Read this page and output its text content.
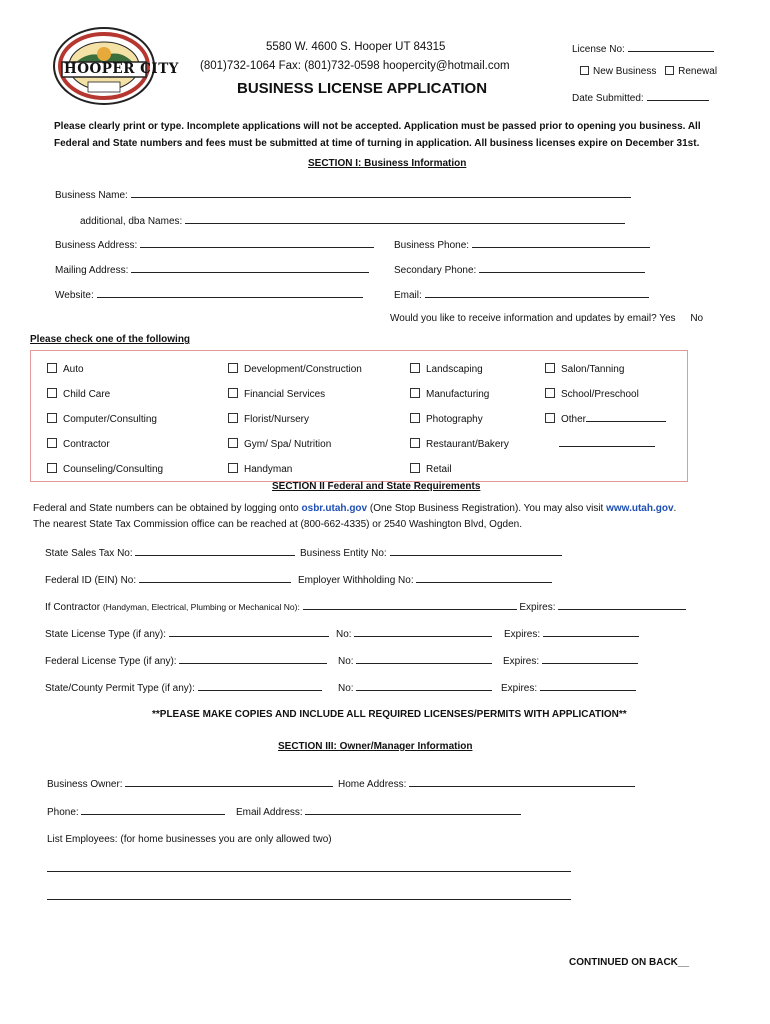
HOOPER CITY
5580 W. 4600 S. Hooper UT 84315
(801)732-1064 Fax: (801)732-0598 hoopercity@hotmail.com
BUSINESS LICENSE APPLICATION
License No:
New Business Renewal
Date Submitted:
Please clearly print or type. Incomplete applications will not be accepted. Application must be passed prior to opening you business. All
Federal and State numbers and fees must be submitted at time of turning in application. All business licenses expire on December 31st.
SECTION I: Business Information
Business Name:
additional, dba Names:
Business Address:	Business Phone:
Mailing Address:	Secondary Phone:
Website:	Email:
Would you like to receive information and updates by email? Yes No
Please check one of the following
Auto
Child Care
Computer/Consulting
Contractor
Counseling/Consulting
Development/Construction
Financial Services
Florist/Nursery
Gym/ Spa/ Nutrition
Handyman
Landscaping
Manufacturing
Photography
Restaurant/Bakery
Retail
Salon/Tanning
School/Preschool
Other
SECTION II Federal and State Requirements
Federal and State numbers can be obtained by logging onto osbr.utah.gov (One Stop Business Registration). You may also visit www.utah.gov.
The nearest State Tax Commission office can be reached at (800-662-4335) or 2540 Washington Blvd, Ogden.
State Sales Tax No:	Business Entity No:
Federal ID (EIN) No:	Employer Withholding No:
If Contractor (Handyman, Electrical, Plumbing or Mechanical No):	Expires:
State License Type (if any):	No:	Expires:
Federal License Type (if any):	No:	Expires:
State/County Permit Type (if any):	No:	Expires:
**PLEASE MAKE COPIES AND INCLUDE ALL REQUIRED LICENSES/PERMITS WITH APPLICATION**
SECTION III: Owner/Manager Information
Business Owner:	Home Address:
Phone:	Email Address:
List Employees: (for home businesses you are only allowed two)
CONTINUED ON BACK__
